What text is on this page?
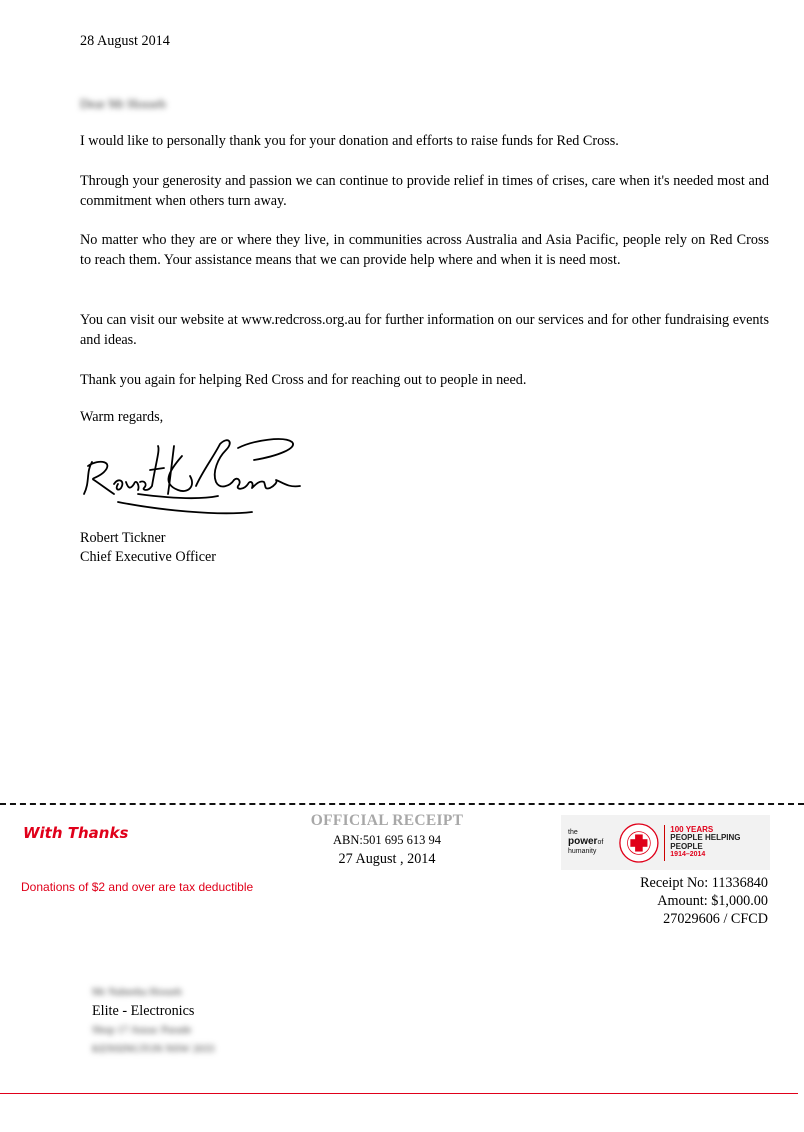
28 August 2014
Dear Mr Hosseb

I would like to personally thank you for your donation and efforts to raise funds for Red Cross.

Through your generosity and passion we can continue to provide relief in times of crises, care when it's needed most and commitment when others turn away.

No matter who they are or where they live, in communities across Australia and Asia Pacific, people rely on Red Cross to reach them. Your assistance means that we can provide help where and when it is need most.

You can visit our website at www.redcross.org.au for further information on our services and for other fundraising events and ideas.

Thank you again for helping Red Cross and for reaching out to people in need.

Warm regards,
Robert Tickner
Chief Executive Officer
With Thanks
Donations of $2 and over are tax deductible
OFFICIAL RECEIPT
ABN:501 695 613 94
27 August , 2014
the
powerof
humanity
100 YEARS
PEOPLE HELPING PEOPLE
1914–2014
Receipt No: 11336840
Amount: $1,000.00
27029606 / CFCD
Mr Nabeeha Hosseb
Elite - Electronics
Shop 17 Anzac Parade
KENSINGTON NSW 2033
